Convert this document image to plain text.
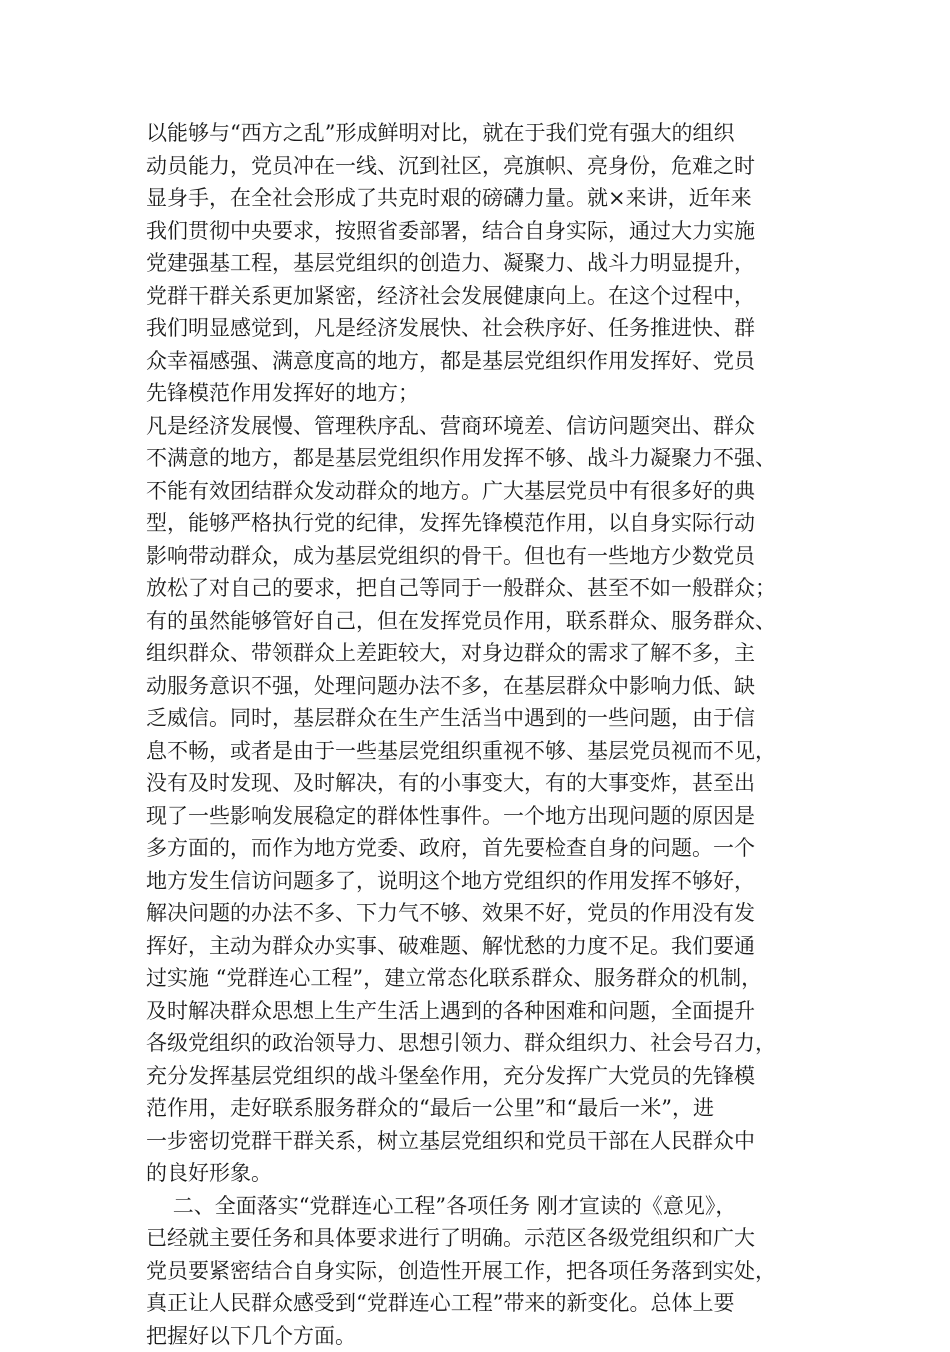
以能够与“西方之乱”形成鲜明对比，就在于我们党有强大的组织
动员能力，党员冲在一线、沉到社区，亮旗帜、亮身份，危难之时
显身手，在全社会形成了共克时艰的磅礴力量。就×来讲，近年来
我们贯彻中央要求，按照省委部署，结合自身实际，通过大力实施
党建强基工程，基层党组织的创造力、凝聚力、战斗力明显提升，
党群干群关系更加紧密，经济社会发展健康向上。在这个过程中，
我们明显感觉到，凡是经济发展快、社会秩序好、任务推进快、群
众幸福感强、满意度高的地方，都是基层党组织作用发挥好、党员
先锋模范作用发挥好的地方；
凡是经济发展慢、管理秩序乱、营商环境差、信访问题突出、群众
不满意的地方，都是基层党组织作用发挥不够、战斗力凝聚力不强、
不能有效团结群众发动群众的地方。广大基层党员中有很多好的典
型，能够严格执行党的纪律，发挥先锋模范作用，以自身实际行动
影响带动群众，成为基层党组织的骨干。但也有一些地方少数党员
放松了对自己的要求，把自己等同于一般群众、甚至不如一般群众；
有的虽然能够管好自己，但在发挥党员作用，联系群众、服务群众、
组织群众、带领群众上差距较大，对身边群众的需求了解不多，主
动服务意识不强，处理问题办法不多，在基层群众中影响力低、缺
乏威信。同时，基层群众在生产生活当中遇到的一些问题，由于信
息不畅，或者是由于一些基层党组织重视不够、基层党员视而不见，
没有及时发现、及时解决，有的小事变大，有的大事变炸，甚至出
现了一些影响发展稳定的群体性事件。一个地方出现问题的原因是
多方面的，而作为地方党委、政府，首先要检查自身的问题。一个
地方发生信访问题多了，说明这个地方党组织的作用发挥不够好，
解决问题的办法不多、下力气不够、效果不好，党员的作用没有发
挥好，主动为群众办实事、破难题、解忧愁的力度不足。我们要通
过实施 “党群连心工程”，建立常态化联系群众、服务群众的机制，
及时解决群众思想上生产生活上遇到的各种困难和问题，全面提升
各级党组织的政治领导力、思想引领力、群众组织力、社会号召力，
充分发挥基层党组织的战斗堡垒作用，充分发挥广大党员的先锋模
范作用，走好联系服务群众的“最后一公里”和“最后一米”，进
一步密切党群干群关系，树立基层党组织和党员干部在人民群众中
的良好形象。
二、全面落实“党群连心工程”各项任务 刚才宣读的《意见》，
已经就主要任务和具体要求进行了明确。示范区各级党组织和广大
党员要紧密结合自身实际，创造性开展工作，把各项任务落到实处，
真正让人民群众感受到“党群连心工程”带来的新变化。总体上要
把握好以下几个方面。
